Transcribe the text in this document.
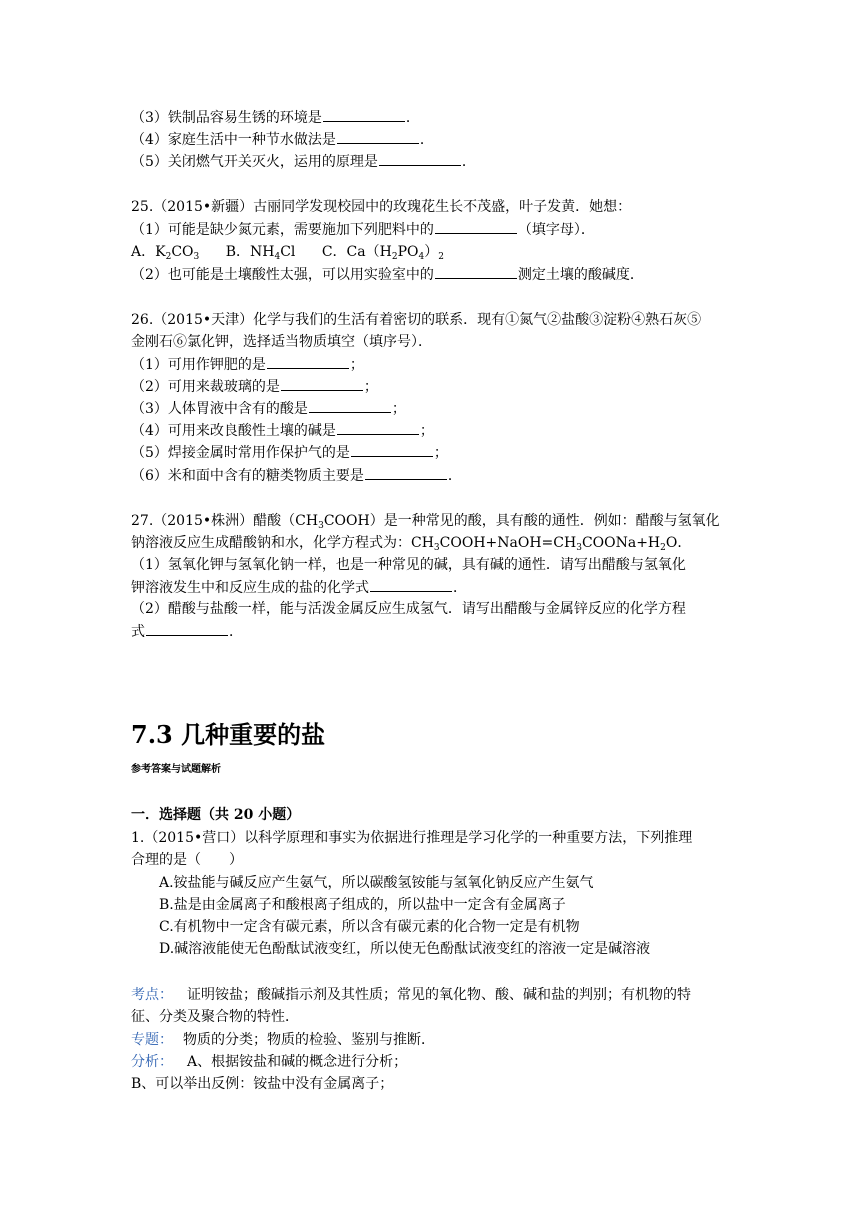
（3）铁制品容易生锈的环境是	．
（4）家庭生活中一种节水做法是	．
（5）关闭燃气开关灭火，运用的原理是	．
25.（2015•新疆）古丽同学发现校园中的玫瑰花生长不茂盛，叶子发黄．她想：
（1）可能是缺少氮元素，需要施加下列肥料中的	（填字母）．
A．$K_2CO_3$ B．$NH_4Cl$ C．$Ca(H_2PO_4)_2$
（2）也可能是土壤酸性太强，可以用实验室中的	测定土壤的酸碱度．
26.（2015•天津）化学与我们的生活有着密切的联系．现有①氮气②盐酸③淀粉④熟石灰⑤
金刚石⑥氯化钾，选择适当物质填空（填序号）．
（1）可用作钾肥的是	；
（2）可用来裁玻璃的是	；
（3）人体胃液中含有的酸是	；
（4）可用来改良酸性土壤的碱是	；
（5）焊接金属时常用作保护气的是	；
（6）米和面中含有的糖类物质主要是	．
27.（2015•株洲）醋酸$(CH_3COOH)$是一种常见的酸，具有酸的通性．例如：醋酸与氢氧化
钠溶液反应生成醋酸钠和水，化学方程式为：$CH_3COOH+NaOH=CH_3COONa+H_2O$．
（1）氢氧化钾与氢氧化钠一样，也是一种常见的碱，具有碱的通性．请写出醋酸与氢氧化
钾溶液发生中和反应生成的盐的化学式	．
（2）醋酸与盐酸一样，能与活泼金属反应生成氢气．请写出醋酸与金属锌反应的化学方程
式	．
7.3 几种重要的盐
参考答案与试题解析
一．选择题（共 20 小题）
1.（2015•营口）以科学原理和事实为依据进行推理是学习化学的一种重要方法，下列推理
合理的是（　　）
A.铵盐能与碱反应产生氨气，所以碳酸氢铵能与氢氧化钠反应产生氨气
B.盐是由金属离子和酸根离子组成的，所以盐中一定含有金属离子
C.有机物中一定含有碳元素，所以含有碳元素的化合物一定是有机物
D.碱溶液能使无色酚酞试液变红，所以使无色酚酞试液变红的溶液一定是碱溶液
考点： 证明铵盐；酸碱指示剂及其性质；常见的氧化物、酸、碱和盐的判别；有机物的特
征、分类及聚合物的特性．
专题： 物质的分类；物质的检验、鉴别与推断．
分析： A、根据铵盐和碱的概念进行分析；
B、可以举出反例：铵盐中没有金属离子；
